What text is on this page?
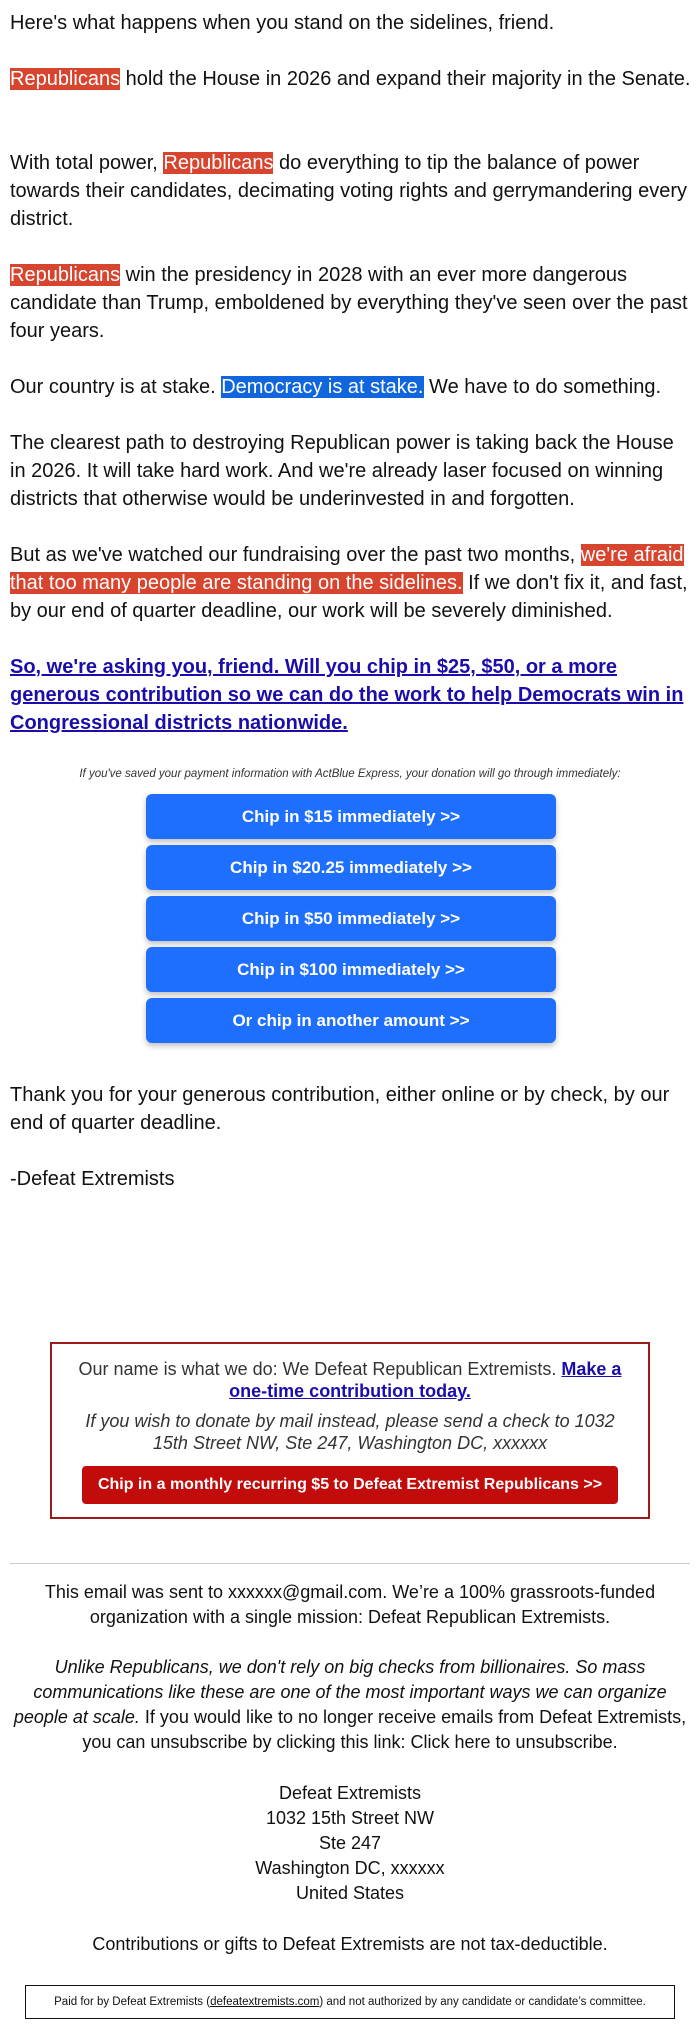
Here's what happens when you stand on the sidelines, friend.

Republicans hold the House in 2026 and expand their majority in the Senate.

With total power, Republicans do everything to tip the balance of power towards their candidates, decimating voting rights and gerrymandering every district.

Republicans win the presidency in 2028 with an ever more dangerous candidate than Trump, emboldened by everything they've seen over the past four years.

Our country is at stake. Democracy is at stake. We have to do something.

The clearest path to destroying Republican power is taking back the House in 2026. It will take hard work. And we're already laser focused on winning districts that otherwise would be underinvested in and forgotten.

But as we've watched our fundraising over the past two months, we're afraid that too many people are standing on the sidelines. If we don't fix it, and fast, by our end of quarter deadline, our work will be severely diminished.

So, we're asking you, friend. Will you chip in $25, $50, or a more generous contribution so we can do the work to help Democrats win in Congressional districts nationwide.

If you've saved your payment information with ActBlue Express, your donation will go through immediately:
Chip in $15 immediately >>
Chip in $20.25 immediately >>
Chip in $50 immediately >>
Chip in $100 immediately >>
Or chip in another amount >>

Thank you for your generous contribution, either online or by check, by our end of quarter deadline.

-Defeat Extremists

Our name is what we do: We Defeat Republican Extremists. Make a one-time contribution today.
If you wish to donate by mail instead, please send a check to 1032 15th Street NW, Ste 247, Washington DC, xxxxxx
Chip in a monthly recurring $5 to Defeat Extremist Republicans >>

This email was sent to xxxxxx@gmail.com. We’re a 100% grassroots-funded organization with a single mission: Defeat Republican Extremists.

Unlike Republicans, we don't rely on big checks from billionaires. So mass communications like these are one of the most important ways we can organize people at scale. If you would like to no longer receive emails from Defeat Extremists, you can unsubscribe by clicking this link: Click here to unsubscribe.

Defeat Extremists
1032 15th Street NW
Ste 247
Washington DC, xxxxxx
United States

Contributions or gifts to Defeat Extremists are not tax-deductible.

Paid for by Defeat Extremists (defeatextremists.com) and not authorized by any candidate or candidate’s committee.
